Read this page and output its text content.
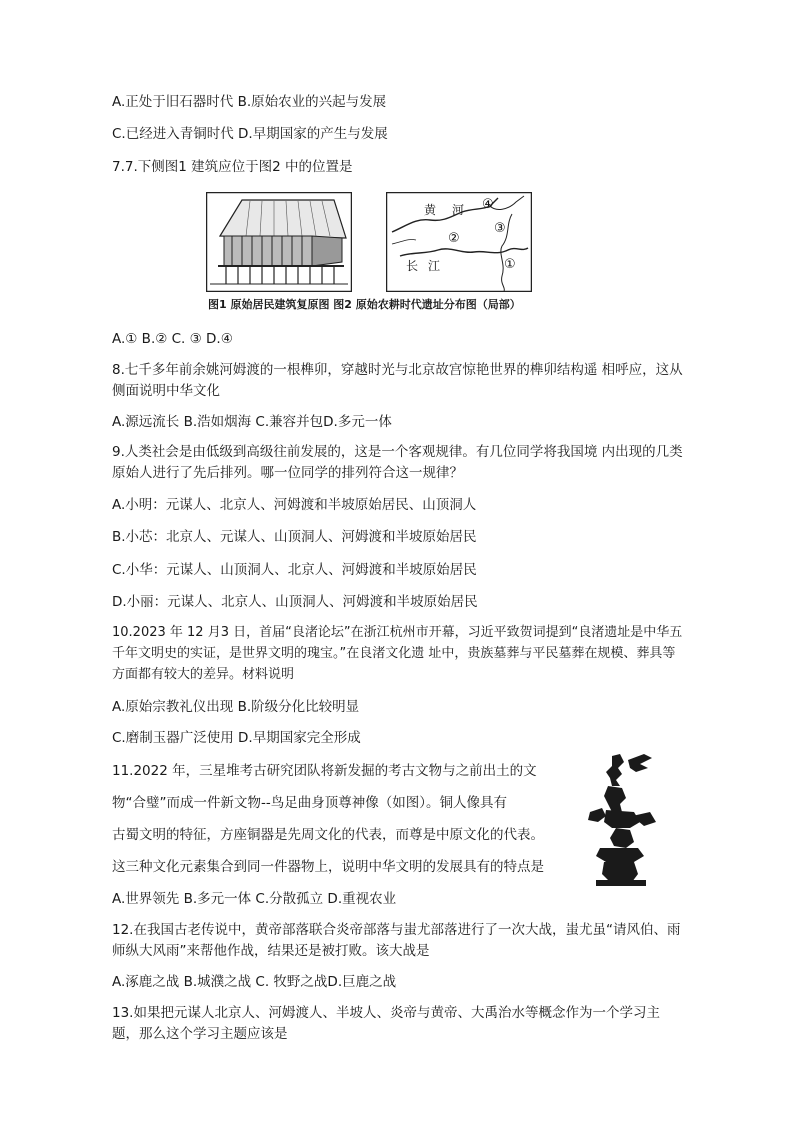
A.正处于旧石器时代 B.原始农业的兴起与发展
C.已经进入青铜时代 D.早期国家的产生与发展
7.7.下侧图1 建筑应位于图2 中的位置是
黄 河
长 江
④
②
③
①
图1 原始居民建筑复原图 图2 原始农耕时代遗址分布图（局部）
A.① B.② C. ③ D.④
8.七千多年前余姚河姆渡的一根榫卯，穿越时光与北京故宫惊艳世界的榫卯结构遥 相呼应，这从侧面说明中华文化
A.源远流长 B.浩如烟海 C.兼容并包D.多元一体
9.人类社会是由低级到高级往前发展的，这是一个客观规律。有几位同学将我国境 内出现的几类原始人进行了先后排列。哪一位同学的排列符合这一规律？
A.小明：元谋人、北京人、河姆渡和半坡原始居民、山顶洞人
B.小芯：北京人、元谋人、山顶洞人、河姆渡和半坡原始居民
C.小华：元谋人、山顶洞人、北京人、河姆渡和半坡原始居民
D.小丽：元谋人、北京人、山顶洞人、河姆渡和半坡原始居民
10.2023 年 12 月3 日，首届“良渚论坛”在浙江杭州市开幕，习近平致贺词提到“良渚遗址是中华五千年文明史的实证，是世界文明的瑰宝。”在良渚文化遗 址中，贵族墓葬与平民墓葬在规模、葬具等方面都有较大的差异。材料说明
A.原始宗教礼仪出现 B.阶级分化比较明显
C.磨制玉器广泛使用 D.早期国家完全形成
11.2022 年，三星堆考古研究团队将新发掘的考古文物与之前出土的文
物“合璧”而成一件新文物--鸟足曲身顶尊神像（如图）。铜人像具有
古蜀文明的特征，方座铜器是先周文化的代表，而尊是中原文化的代表。
这三种文化元素集合到同一件器物上，说明中华文明的发展具有的特点是
A.世界领先 B.多元一体 C.分散孤立 D.重视农业
12.在我国古老传说中，黄帝部落联合炎帝部落与蚩尤部落进行了一次大战，蚩尤虽“请风伯、雨师纵大风雨”来帮他作战，结果还是被打败。该大战是
A.涿鹿之战 B.城濮之战 C. 牧野之战D.巨鹿之战
13.如果把元谋人北京人、河姆渡人、半坡人、炎帝与黄帝、大禹治水等概念作为一个学习主题，那么这个学习主题应该是
